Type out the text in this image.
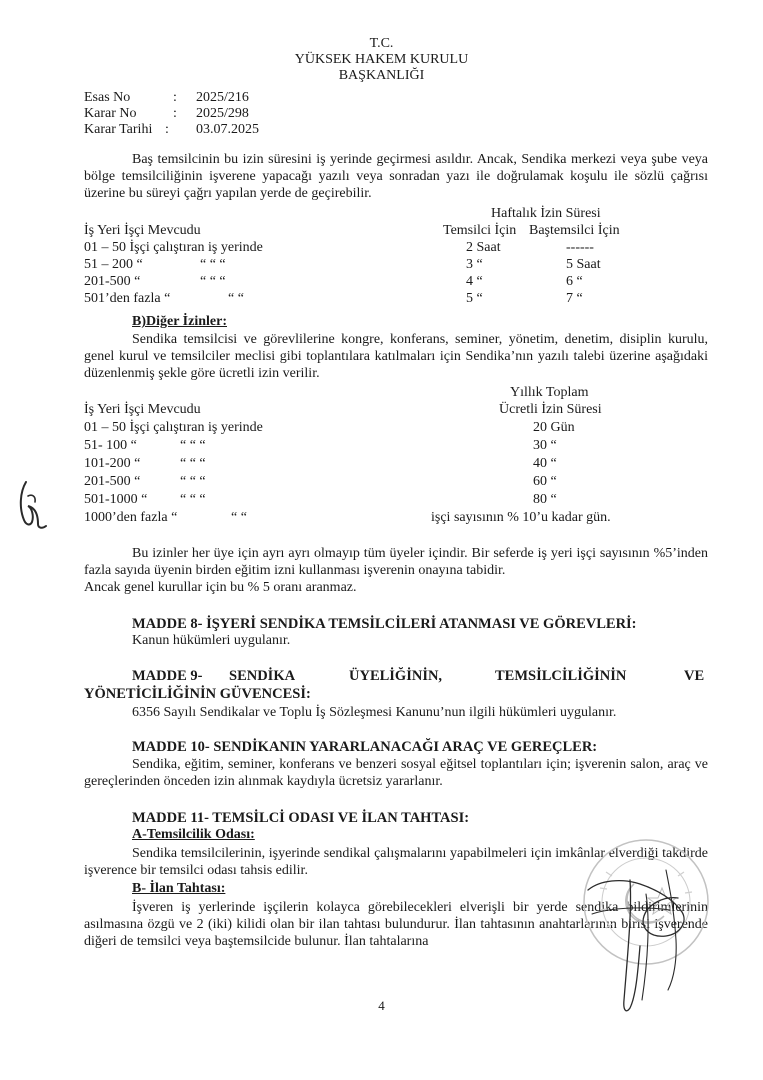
T.C.
YÜKSEK HAKEM KURULU
BAŞKANLIĞI
Esas No	: 2025/216
Karar No	: 2025/298
Karar Tarihi : 03.07.2025
Baş temsilcinin bu izin süresini iş yerinde geçirmesi asıldır. Ancak, Sendika merkezi veya şube veya bölge temsilciliğinin işverene yapacağı yazılı veya sonradan yazı ile doğrulamak koşulu ile sözlü çağrısı üzerine bu süreyi çağrı yapılan yerde de geçirebilir.
Haftalık İzin Süresi
İş Yeri İşçi Mevcudu	Temsilci İçin Baştemsilci İçin
01 – 50 İşçi çalıştıran iş yerinde	2 Saat	------
51 – 200 “	“ “ “	3 “	5 Saat
201-500 “	“ “ “	4 “	6 “
501’den fazla “	“ “	5 “	7 “
B)Diğer İzinler:
Sendika temsilcisi ve görevlilerine kongre, konferans, seminer, yönetim, denetim, disiplin kurulu, genel kurul ve temsilciler meclisi gibi toplantılara katılmaları için Sendika’nın yazılı talebi üzerine aşağıdaki düzenlenmiş şekle göre ücretli izin verilir.
Yıllık Toplam
İş Yeri İşçi Mevcudu	Ücretli İzin Süresi
01 – 50 İşçi çalıştıran iş yerinde	20 Gün
51- 100 “	“ “ “	30 “
101-200 “	“ “ “	40 “
201-500 “	“ “ “	60 “
501-1000 “ “ “ “	80 “
1000’den fazla “	“ “	işçi sayısının % 10’u kadar gün.
Bu izinler her üye için ayrı ayrı olmayıp tüm üyeler içindir. Bir seferde iş yeri işçi sayısının %5’inden fazla sayıda üyenin birden eğitim izni kullanması işverenin onayına tabidir.
Ancak genel kurullar için bu % 5 oranı aranmaz.
MADDE 8- İŞYERİ SENDİKA TEMSİLCİLERİ ATANMASI VE GÖREVLERİ:
Kanun hükümleri uygulanır.
MADDE 9- SENDİKA	ÜYELİĞİNİN,	TEMSİLCİLİĞİNİN	VE
YÖNETİCİLİĞİNİN GÜVENCESİ:
6356 Sayılı Sendikalar ve Toplu İş Sözleşmesi Kanunu’nun ilgili hükümleri uygulanır.
MADDE 10- SENDİKANIN YARARLANACAĞI ARAÇ VE GEREÇLER:
Sendika, eğitim, seminer, konferans ve benzeri sosyal eğitsel toplantıları için; işverenin salon, araç ve gereçlerinden önceden izin alınmak kaydıyla ücretsiz yararlanır.
MADDE 11- TEMSİLCİ ODASI VE İLAN TAHTASI:
A-Temsilcilik Odası:
Sendika temsilcilerinin, işyerinde sendikal çalışmalarını yapabilmeleri için imkânlar elverdiği takdirde işverence bir temsilci odası tahsis edilir.
B- İlan Tahtası:
İşveren iş yerlerinde işçilerin kolayca görebilecekleri elverişli bir yerde sendika bildirimlerinin asılmasına özgü ve 2 (iki) kilidi olan bir ilan tahtası bulundurur. İlan tahtasının anahtarlarının birisi işverende diğeri de temsilci veya baştemsilcide bulunur. İlan tahtalarına
4
